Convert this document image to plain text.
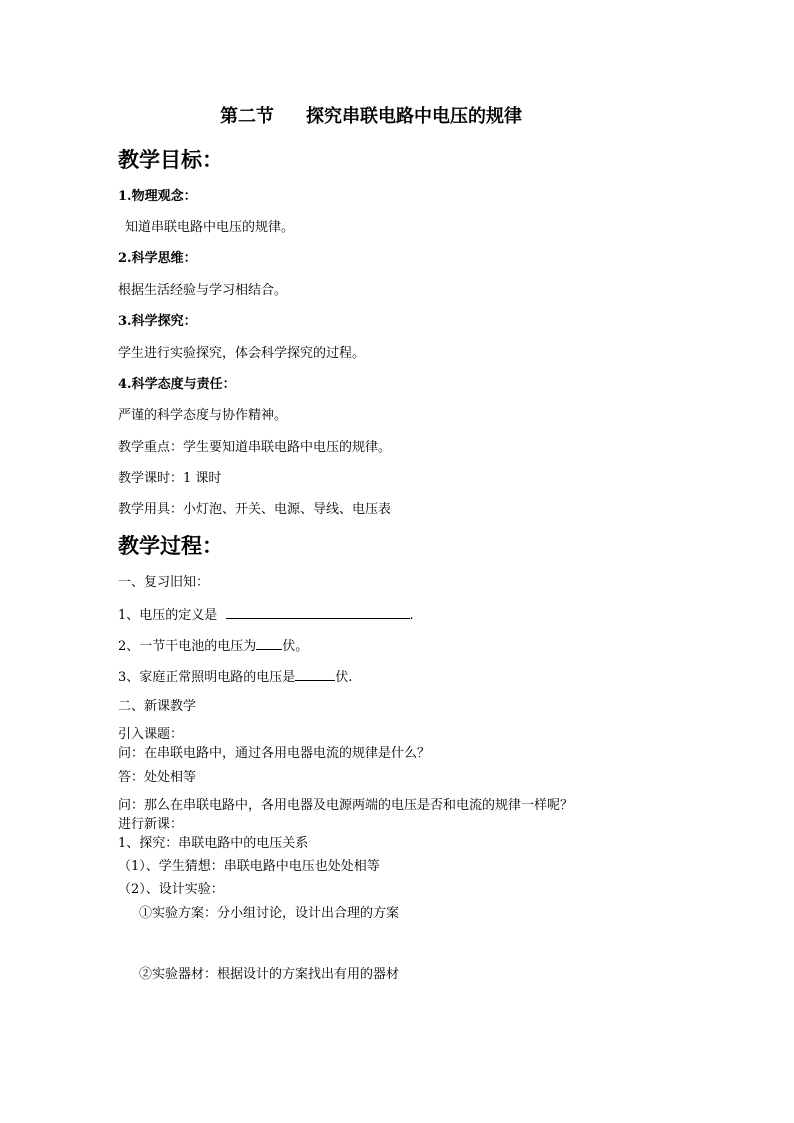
第二节 探究串联电路中电压的规律
教学目标：
1.物理观念：
知道串联电路中电压的规律。
2.科学思维：
根据生活经验与学习相结合。
3.科学探究：
学生进行实验探究，体会科学探究的过程。
4.科学态度与责任：
严谨的科学态度与协作精神。
教学重点：学生要知道串联电路中电压的规律。
教学课时：1 课时
教学用具：小灯泡、开关、电源、导线、电压表
教学过程：
一、复习旧知：
1、电压的定义是	.
2、一节干电池的电压为 伏。
3、家庭正常照明电路的电压是	伏.
二、新课教学
引入课题：
问：在串联电路中，通过各用电器电流的规律是什么？
答：处处相等
问：那么在串联电路中，各用电器及电源两端的电压是否和电流的规律一样呢？
进行新课：
1、探究：串联电路中的电压关系
（1）、学生猜想：串联电路中电压也处处相等
（2）、设计实验：
①实验方案：分小组讨论，设计出合理的方案
②实验器材：根据设计的方案找出有用的器材
